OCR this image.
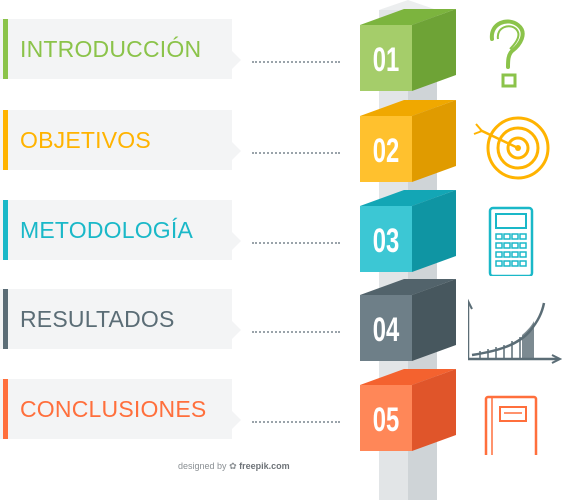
INTRODUCCIÓN	01
OBJETIVOS	02
METODOLOGÍA	03
RESULTADOS	04
CONCLUSIONES	05
designed by ✿ freepik.com
